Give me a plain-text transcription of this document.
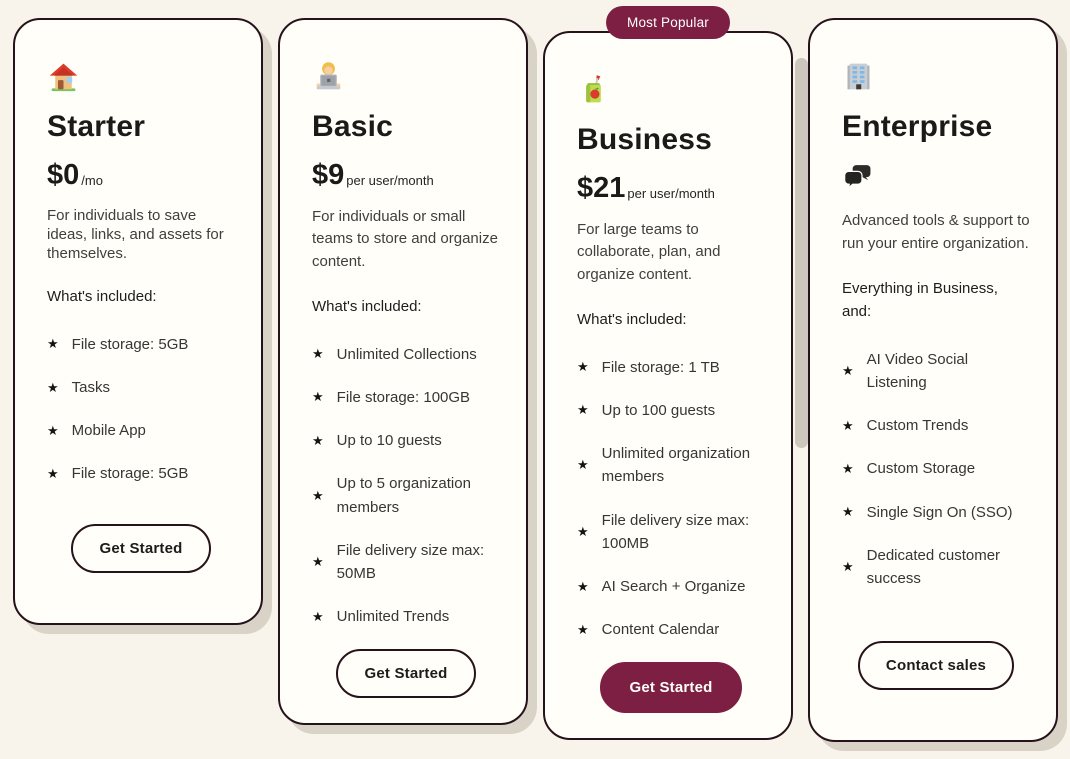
Starter
$0 /mo

For individuals to save ideas, links, and assets for themselves.

What's included:

★ File storage: 5GB
★ Tasks
★ Mobile App
★ File storage: 5GB
Get Started
Basic
$9 per user/month

For individuals or small teams to store and organize content.

What's included:

★ Unlimited Collections
★ File storage: 100GB
★ Up to 10 guests
★
Up to 5 organization members
★
File delivery size max: 50MB
★ Unlimited Trends
Get Started
Most Popular
Business
$21 per user/month

For large teams to collaborate, plan, and organize content.

What's included:

★ File storage: 1 TB
★ Up to 100 guests
★
Unlimited organization members
★
File delivery size max: 100MB
★ AI Search + Organize
★ Content Calendar
Get Started
Enterprise

Advanced tools & support to run your entire organization.

Everything in Business, and:

★
AI Video Social Listening
★ Custom Trends
★ Custom Storage
★ Single Sign On (SSO)
★
Dedicated customer success
Contact sales
